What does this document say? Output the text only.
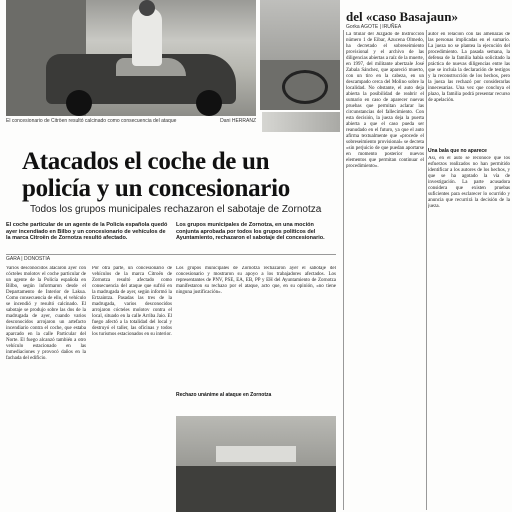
El concesionario de Citröen resultó calcinado como consecuencia del ataque	Dani HERRANZ
del «caso Basajaun»
Gorka AGOTE | IRUÑEA
La titular del Juzgado de Instrucción número 1 de Eibar, Azucena Olmedo, ha decretado el sobreseimiento provisional y el archivo de las diligencias abiertas a raíz de la muerte, en 1997, del militante abertzale José Zabala Sánchez, que apareció muerto, con un tiro en la cabeza, en un descampado cerca del Molino sobre la localidad. No obstante, el auto deja abierta la posibilidad de reabrir el sumario en caso de aparecer nuevas pruebas que permitan aclarar las circunstancias del fallecimiento. Con esta decisión, la jueza deja la puerta abierta a que el caso pueda ser reanudado en el futuro, ya que el auto afirma textualmente que «procede el sobreseimiento provisional» se decreta «sin perjuicio de que puedan aportarse en momento posterior nuevos elementos que permitan continuar el procedimiento».
autor en relación con las amenazas de las personas implicadas en el sumario. La jueza no se plantea la ejecución del procedimiento. La pasada semana, la defensa de la familia había solicitado la práctica de nuevas diligencias entre las que se incluía la declaración de testigos y la reconstrucción de los hechos, pero la jueza las rechazó por considerarlas innecesarias. Una vez que concluya el plazo, la familia podrá presentar recurso de apelación.
Una bala que no aparece
Así, en el auto se reconoce que los esfuerzos realizados no han permitido identificar a los autores de los hechos, y que se ha agotado la vía de investigación. La parte acusadora considera que existen pruebas suficientes para esclarecer lo ocurrido y anuncia que recurrirá la decisión de la jueza.
Atacados el coche de un policía y un concesionario
Todos los grupos municipales rechazaron el sabotaje de Zornotza
El coche particular de un agente de la Policía española quedó ayer incendiado en Bilbo y un concesionario de vehículos de la marca Citroën de Zornotza resultó afectado.
Los grupos municipales de Zornotza, en una moción conjunta aprobada por todos los grupos políticos del Ayuntamiento, rechazaron el sabotaje del concesionario.
GARA | DONOSTIA
Varios desconocidos atacaron ayer con cócteles molotov el coche particular de un agente de la Policía española en Bilbo, según informaron desde el Departamento de Interior de Lakua. Como consecuencia de ello, el vehículo se incendió y resultó calcinado. El sabotaje se produjo sobre las dos de la madrugada de ayer, cuando varios desconocidos arrojaron un artefacto incendiario contra el coche, que estaba aparcado en la calle Particular del Norte. El fuego alcanzó también a otro vehículo estacionado en las inmediaciones y provocó daños en la fachada del edificio.
Por otra parte, un concesionario de vehículos de la marca Citroën de Zornotza resultó afectado como consecuencia del ataque que sufrió en la madrugada de ayer, según informó la Ertzaintza. Pasadas las tres de la madrugada, varios desconocidos arrojaron cócteles molotov contra el local, situado en la calle Arriba Jaio. El fuego afectó a la totalidad del local y destruyó el taller, las oficinas y todos los turismos estacionados en su interior.
Rechazo unánime al ataque en Zornotza
Los grupos municipales de Zornotza rechazaron ayer el sabotaje del concesionario y mostraron su apoyo a los trabajadores afectados. Los representantes de PNV, PSE, EA, EB, PP y EH del Ayuntamiento de Zornotza manifestaron su rechazo por el ataque, acto que, en su opinión, «no tiene ninguna justificación».
